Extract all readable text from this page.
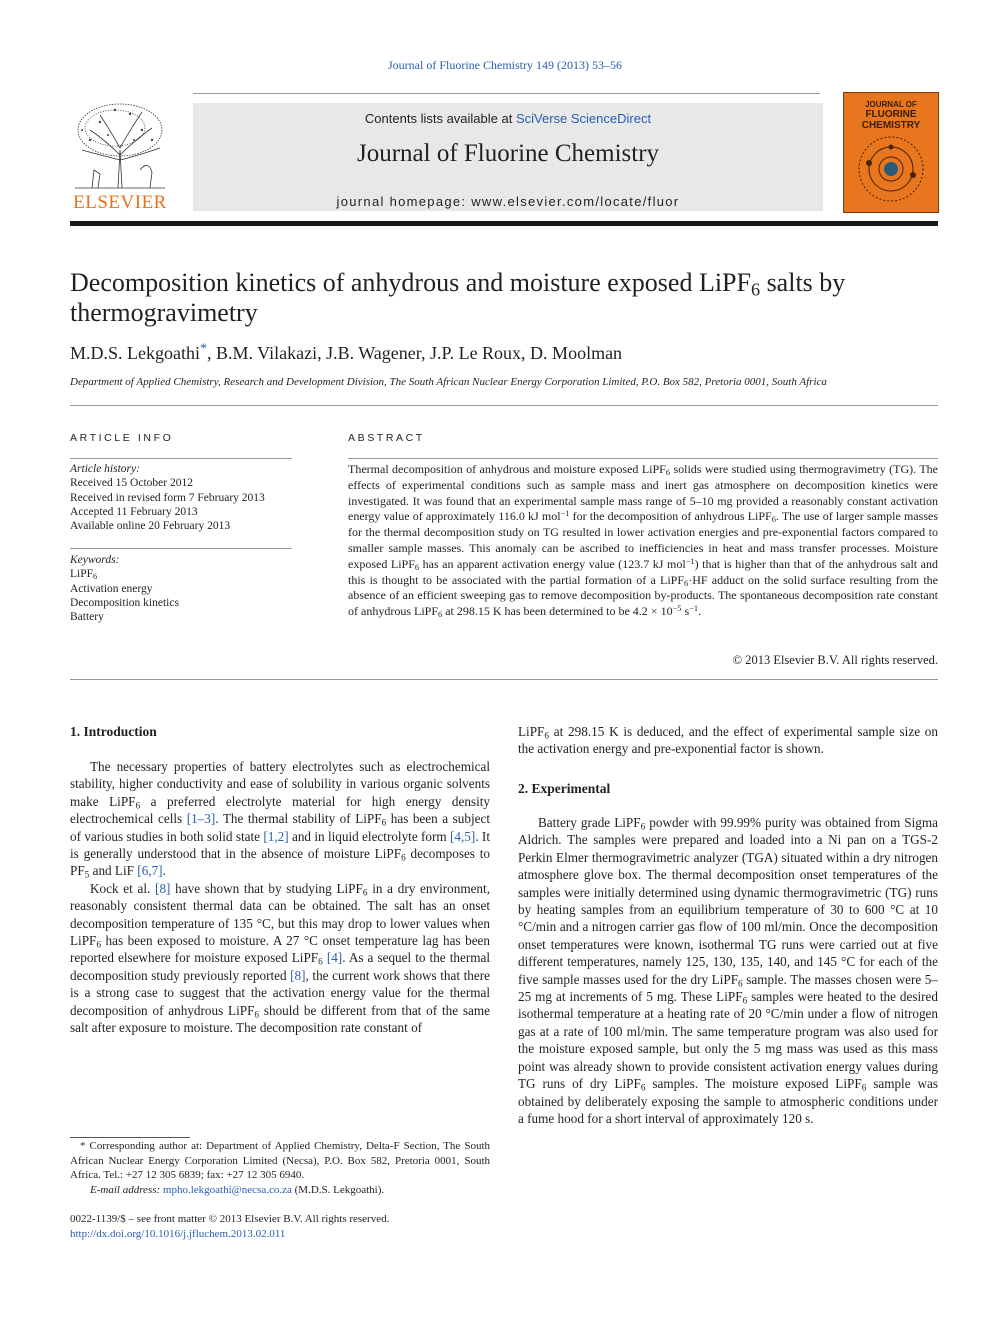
Journal of Fluorine Chemistry 149 (2013) 53–56
ELSEVIER
Contents lists available at SciVerse ScienceDirect
Journal of Fluorine Chemistry
journal homepage: www.elsevier.com/locate/fluor
JOURNAL OF
FLUORINE
CHEMISTRY
Decomposition kinetics of anhydrous and moisture exposed LiPF$_6$ salts by thermogravimetry
M.D.S. Lekgoathi*, B.M. Vilakazi, J.B. Wagener, J.P. Le Roux, D. Moolman
Department of Applied Chemistry, Research and Development Division, The South African Nuclear Energy Corporation Limited, P.O. Box 582, Pretoria 0001, South Africa
ARTICLE INFO	ABSTRACT
Article history:
Received 15 October 2012
Received in revised form 7 February 2013
Accepted 11 February 2013
Available online 20 February 2013
Keywords:
LiPF$_6$
Activation energy
Decomposition kinetics
Battery
Thermal decomposition of anhydrous and moisture exposed LiPF$_6$ solids were studied using thermogravimetry (TG). The effects of experimental conditions such as sample mass and inert gas atmosphere on decomposition kinetics were investigated. It was found that an experimental sample mass range of 5–10 mg provided a reasonably constant activation energy value of approximately 116.0 kJ mol$^{-1}$ for the decomposition of anhydrous LiPF$_6$. The use of larger sample masses for the thermal decomposition study on TG resulted in lower activation energies and pre-exponential factors compared to smaller sample masses. This anomaly can be ascribed to inefficiencies in heat and mass transfer processes. Moisture exposed LiPF$_6$ has an apparent activation energy value (123.7 kJ mol$^{-1}$) that is higher than that of the anhydrous salt and this is thought to be associated with the partial formation of a LiPF$_6$·HF adduct on the solid surface resulting from the absence of an efficient sweeping gas to remove decomposition by-products. The spontaneous decomposition rate constant of anhydrous LiPF$_6$ at 298.15 K has been determined to be $4.2 \times 10^{-5}$ $s^{-1}$.
© 2013 Elsevier B.V. All rights reserved.
1. Introduction

The necessary properties of battery electrolytes such as electrochemical stability, higher conductivity and ease of solubility in various organic solvents make LiPF$_6$ a preferred electrolyte material for high energy density electrochemical cells [1–3]. The thermal stability of LiPF$_6$ has been a subject of various studies in both solid state [1,2] and in liquid electrolyte form [4,5]. It is generally understood that in the absence of moisture LiPF$_6$ decomposes to $PF_5$ and LiF [6,7].

Kock et al. [8] have shown that by studying LiPF$_6$ in a dry environment, reasonably consistent thermal data can be obtained. The salt has an onset decomposition temperature of 135 °C, but this may drop to lower values when LiPF$_6$ has been exposed to moisture. A 27 °C onset temperature lag has been reported elsewhere for moisture exposed LiPF$_6$ [4]. As a sequel to the thermal decomposition study previously reported [8], the current work shows that there is a strong case to suggest that the activation energy value for the thermal decomposition of anhydrous LiPF$_6$ should be different from that of the same salt after exposure to moisture. The decomposition rate constant of

* Corresponding author at: Department of Applied Chemistry, Delta-F Section, The South African Nuclear Energy Corporation Limited (Necsa), P.O. Box 582, Pretoria 0001, South Africa. Tel.: +27 12 305 6839; fax: +27 12 305 6940.
E-mail address: mpho.lekgoathi@necsa.co.za (M.D.S. Lekgoathi).
0022-1139/$ – see front matter © 2013 Elsevier B.V. All rights reserved.
http://dx.doi.org/10.1016/j.jfluchem.2013.02.011
LiPF$_6$ at 298.15 K is deduced, and the effect of experimental sample size on the activation energy and pre-exponential factor is shown.
2. Experimental
Battery grade LiPF$_6$ powder with 99.99% purity was obtained from Sigma Aldrich. The samples were prepared and loaded into a Ni pan on a TGS-2 Perkin Elmer thermogravimetric analyzer (TGA) situated within a dry nitrogen atmosphere glove box. The thermal decomposition onset temperatures of the samples were initially determined using dynamic thermogravimetric (TG) runs by heating samples from an equilibrium temperature of 30 to 600 °C at 10 °C/min and a nitrogen carrier gas flow of 100 ml/min. Once the decomposition onset temperatures were known, isothermal TG runs were carried out at five different temperatures, namely 125, 130, 135, 140, and 145 °C for each of the five sample masses used for the dry LiPF$_6$ sample. The masses chosen were 5–25 mg at increments of 5 mg. These LiPF$_6$ samples were heated to the desired isothermal temperature at a heating rate of 20 °C/min under a flow of nitrogen gas at a rate of 100 ml/min. The same temperature program was also used for the moisture exposed sample, but only the 5 mg mass was used as this mass point was already shown to provide consistent activation energy values during TG runs of dry LiPF$_6$ samples. The moisture exposed LiPF$_6$ sample was obtained by deliberately exposing the sample to atmospheric conditions under a fume hood for a short interval of approximately 120 s.
